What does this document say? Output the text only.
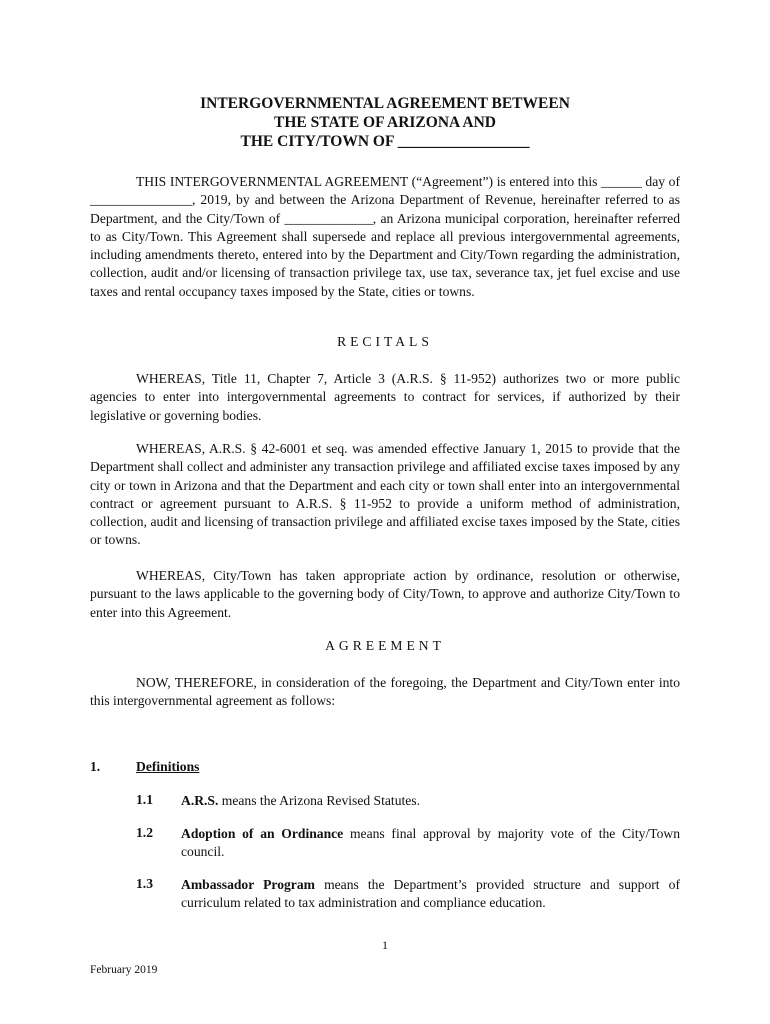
INTERGOVERNMENTAL AGREEMENT BETWEEN
THE STATE OF ARIZONA AND
THE CITY/TOWN OF _________________

THIS INTERGOVERNMENTAL AGREEMENT (“Agreement”) is entered into this ______ day of _______________, 2019, by and between the Arizona Department of Revenue, hereinafter referred to as Department, and the City/Town of _____________, an Arizona municipal corporation, hereinafter referred to as City/Town. This Agreement shall supersede and replace all previous intergovernmental agreements, including amendments thereto, entered into by the Department and City/Town regarding the administration, collection, audit and/or licensing of transaction privilege tax, use tax, severance tax, jet fuel excise and use taxes and rental occupancy taxes imposed by the State, cities or towns.

RECITALS

WHEREAS, Title 11, Chapter 7, Article 3 (A.R.S. § 11-952) authorizes two or more public agencies to enter into intergovernmental agreements to contract for services, if authorized by their legislative or governing bodies.

WHEREAS, A.R.S. § 42-6001 et seq. was amended effective January 1, 2015 to provide that the Department shall collect and administer any transaction privilege and affiliated excise taxes imposed by any city or town in Arizona and that the Department and each city or town shall enter into an intergovernmental contract or agreement pursuant to A.R.S. § 11-952 to provide a uniform method of administration, collection, audit and licensing of transaction privilege and affiliated excise taxes imposed by the State, cities or towns.

WHEREAS, City/Town has taken appropriate action by ordinance, resolution or otherwise, pursuant to the laws applicable to the governing body of City/Town, to approve and authorize City/Town to enter into this Agreement.

AGREEMENT

NOW, THEREFORE, in consideration of the foregoing, the Department and City/Town enter into this intergovernmental agreement as follows:

1.	Definitions
1.1 A.R.S. means the Arizona Revised Statutes.
1.2 Adoption of an Ordinance means final approval by majority vote of the City/Town council.
1.3 Ambassador Program means the Department’s provided structure and support of curriculum related to tax administration and compliance education.
1
February 2019
